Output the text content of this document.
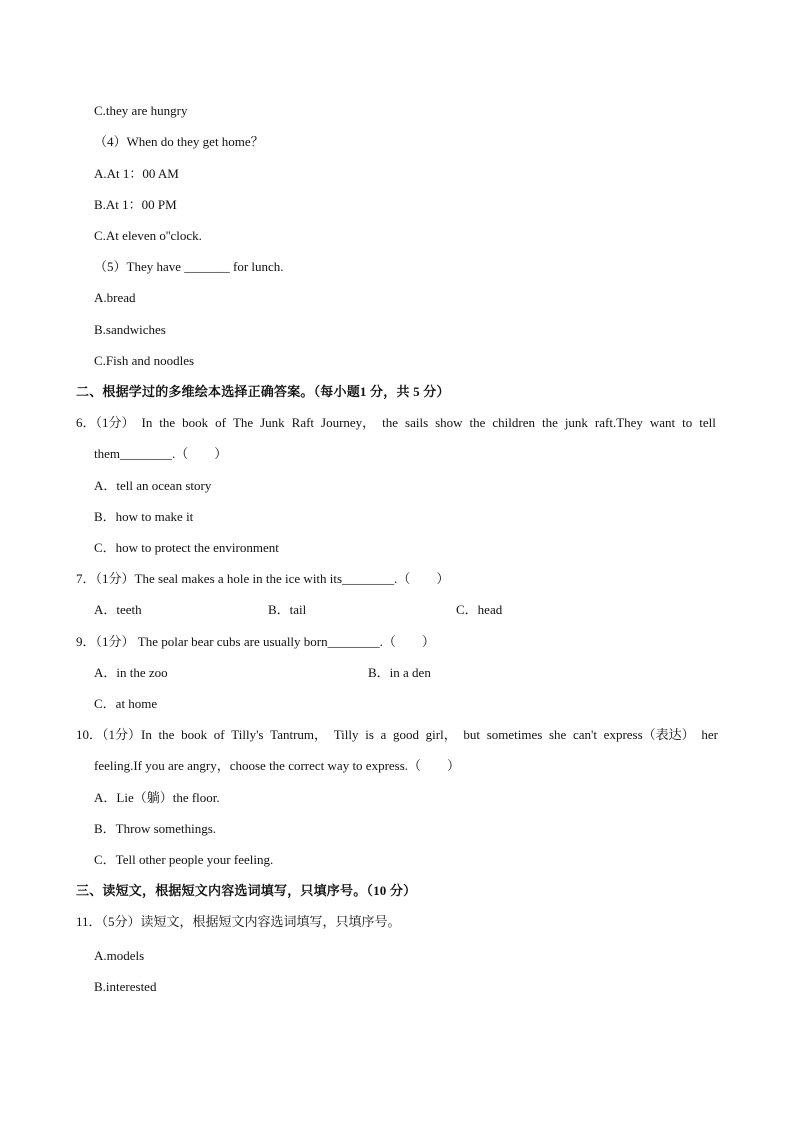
C.they are hungry
（4）When do they get home？
A.At 1：00 AM
B.At 1：00 PM
C.At eleven o''clock.
（5）They have _______ for lunch.
A.bread
B.sandwiches
C.Fish and noodles
二、根据学过的多维绘本选择正确答案。（每小题1 分，共 5 分）
6．（1分） In the book of The Junk Raft Journey， the sails show the children the junk raft.They want to tell
them________.（　　）
A．tell an ocean story
B．how to make it
C．how to protect the environment
7．（1分）The seal makes a hole in the ice with its________.（　　）
A．teeth	B．tail	C．head
9．（1分） The polar bear cubs are usually born________.（　　）
A．in the zoo	B．in a den
C．at home
10．（1分）In the book of Tilly's Tantrum， Tilly is a good girl， but sometimes she can't express（表达） her
feeling.If you are angry，choose the correct way to express.（　　）
A．Lie（躺）the floor.
B．Throw somethings.
C．Tell other people your feeling.
三、读短文，根据短文内容选词填写，只填序号。（10 分）
11．（5分）读短文，根据短文内容选词填写，只填序号。
A.models
B.interested
